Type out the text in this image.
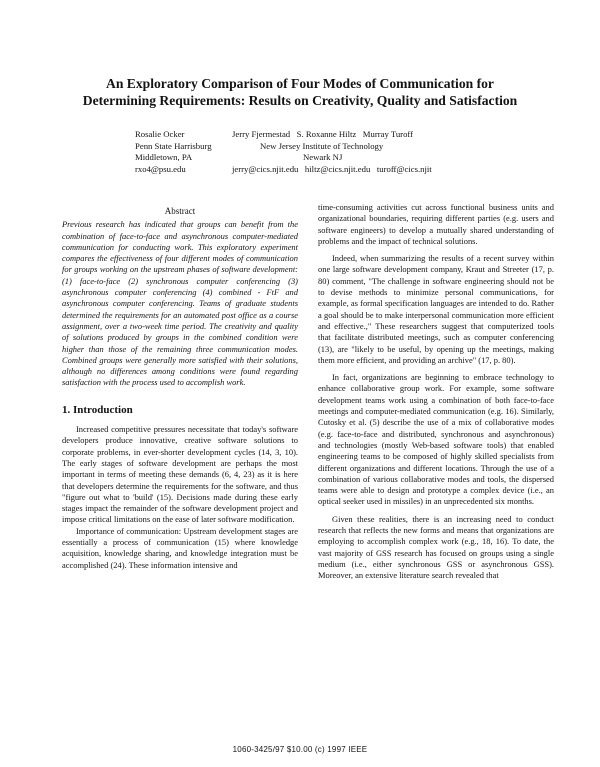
An Exploratory Comparison of Four Modes of Communication for
Determining Requirements: Results on Creativity, Quality and Satisfaction
Rosalie Ocker
Penn State Harrisburg
Middletown, PA
rxo4@psu.edu
Jerry Fjermestad   S. Roxanne Hiltz   Murray Turoff
New Jersey Institute of Technology
Newark NJ
jerry@cics.njit.edu   hiltz@cics.njit.edu   turoff@cics.njit
Abstract

Previous research has indicated that groups can benefit from the combination of face-to-face and asynchronous computer-mediated communication for conducting work. This exploratory experiment compares the effectiveness of four different modes of communication for groups working on the upstream phases of software development: (1) face-to-face (2) synchronous computer conferencing (3) asynchronous computer conferencing (4) combined - FtF and asynchronous computer conferencing. Teams of graduate students determined the requirements for an automated post office as a course assignment, over a two-week time period. The creativity and quality of solutions produced by groups in the combined condition were higher than those of the remaining three communication modes. Combined groups were generally more satisfied with their solutions, although no differences among conditions were found regarding satisfaction with the process used to accomplish work.

1. Introduction

Increased competitive pressures necessitate that today's software developers produce innovative, creative software solutions to corporate problems, in ever-shorter development cycles (14, 3, 10). The early stages of software development are perhaps the most important in terms of meeting these demands (6, 4, 23) as it is here that developers determine the requirements for the software, and thus "figure out what to 'build' (15). Decisions made during these early stages impact the remainder of the software development project and impose critical limitations on the ease of later software modification.

Importance of communication: Upstream development stages are essentially a process of communication (15) where knowledge acquisition, knowledge sharing, and knowledge integration must be accomplished (24). These information intensive and

time-consuming activities cut across functional business units and organizational boundaries, requiring different parties (e.g. users and software engineers) to develop a mutually shared understanding of problems and the impact of technical solutions.

Indeed, when summarizing the results of a recent survey within one large software development company, Kraut and Streeter (17, p. 80) comment, "The challenge in software engineering should not be to devise methods to minimize personal communications, for example, as formal specification languages are intended to do. Rather a goal should be to make interpersonal communication more efficient and effective.," These researchers suggest that computerized tools that facilitate distributed meetings, such as computer conferencing (13), are "likely to be useful, by opening up the meetings, making them more efficient, and providing an archive" (17, p. 80).

In fact, organizations are beginning to embrace technology to enhance collaborative group work. For example, some software development teams work using a combination of both face-to-face meetings and computer-mediated communication (e.g. 16). Similarly, Cutosky et al. (5) describe the use of a mix of collaborative modes (e.g. face-to-face and distributed, synchronous and asynchronous) and technologies (mostly Web-based software tools) that enabled engineering teams to be composed of highly skilled specialists from different organizations and different locations. Through the use of a combination of various collaborative modes and tools, the dispersed teams were able to design and prototype a complex device (i.e., an optical seeker used in missiles) in an unprecedented six months.

Given these realities, there is an increasing need to conduct research that reflects the new forms and means that organizations are employing to accomplish complex work (e.g., 18, 16). To date, the vast majority of GSS research has focused on groups using a single medium (i.e., either synchronous GSS or asynchronous GSS). Moreover, an extensive literature search revealed that

1060-3425/97 $10.00 (c) 1997 IEEE
